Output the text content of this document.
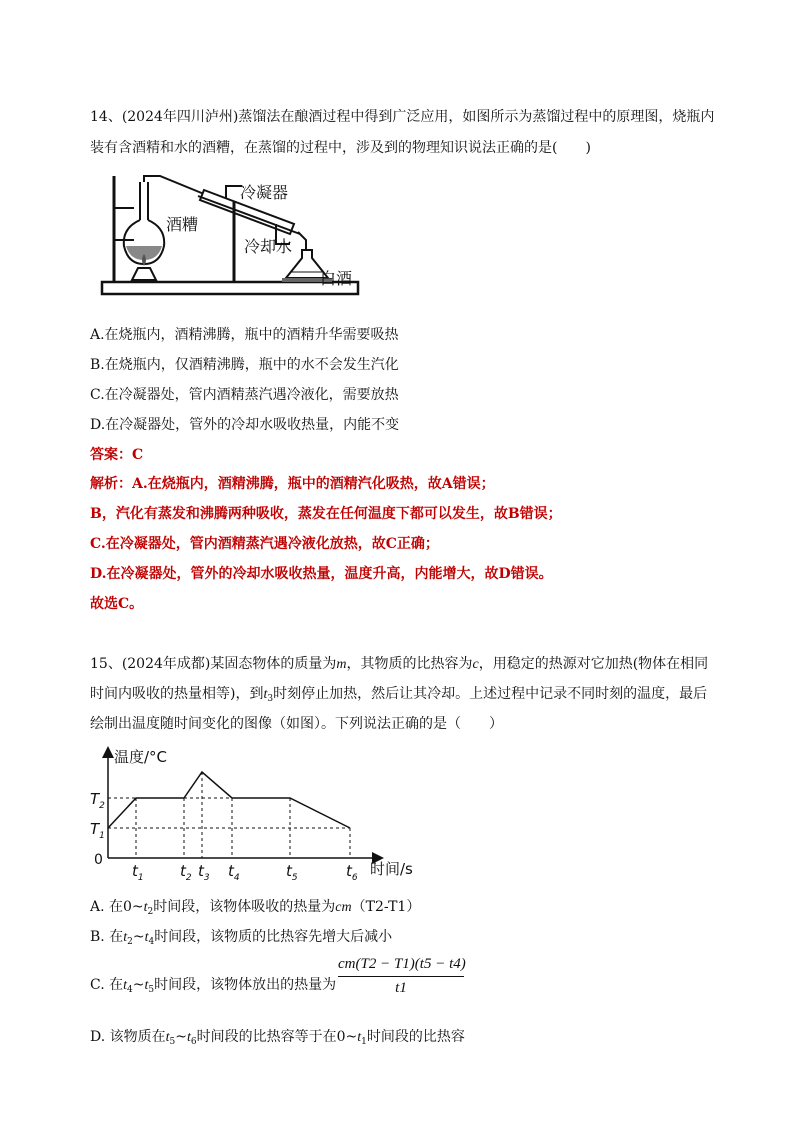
14、(2024年四川泸州)蒸馏法在酿酒过程中得到广泛应用，如图所示为蒸馏过程中的原理图，烧瓶内
装有含酒精和水的酒糟，在蒸馏的过程中，涉及到的物理知识说法正确的是(　　)
冷凝器
酒糟
冷却水
白酒
A.在烧瓶内，酒精沸腾，瓶中的酒精升华需要吸热
B.在烧瓶内，仅酒精沸腾，瓶中的水不会发生汽化
C.在冷凝器处，管内酒精蒸汽遇冷液化，需要放热
D.在冷凝器处，管外的冷却水吸收热量，内能不变
答案：C
解析：A.在烧瓶内，酒精沸腾，瓶中的酒精汽化吸热，故A错误；
B，汽化有蒸发和沸腾两种吸收，蒸发在任何温度下都可以发生，故B错误；
C.在冷凝器处，管内酒精蒸汽遇冷液化放热，故C正确；
D.在冷凝器处，管外的冷却水吸收热量，温度升高，内能增大，故D错误。
故选C。
15、(2024年成都)某固态物体的质量为m，其物质的比热容为c，用稳定的热源对它加热(物体在相同
时间内吸收的热量相等)，到$t_3$时刻停止加热，然后让其冷却。上述过程中记录不同时刻的温度，最后
绘制出温度随时间变化的图像（如图）。下列说法正确的是（　　）
温度/°C
时间/s
0
$T_2$
$T_1$
$t_1$ $t_2$ $t_3$ $t_4$	$t_5$	$t_6$
A. 在$0\sim t_2$时间段，该物体吸收的热量为cm（T2-T1）
B. 在$t_2\sim t_4$时间段，该物质的比热容先增大后减小
C. 在$t_4\sim t_5$时间段，该物体放出的热量为 $\frac{cm(T2 - T1)(t5 - t4)}{t1}$
D. 该物质在$t_5\sim t_6$时间段的比热容等于在$0\sim t_1$时间段的比热容
